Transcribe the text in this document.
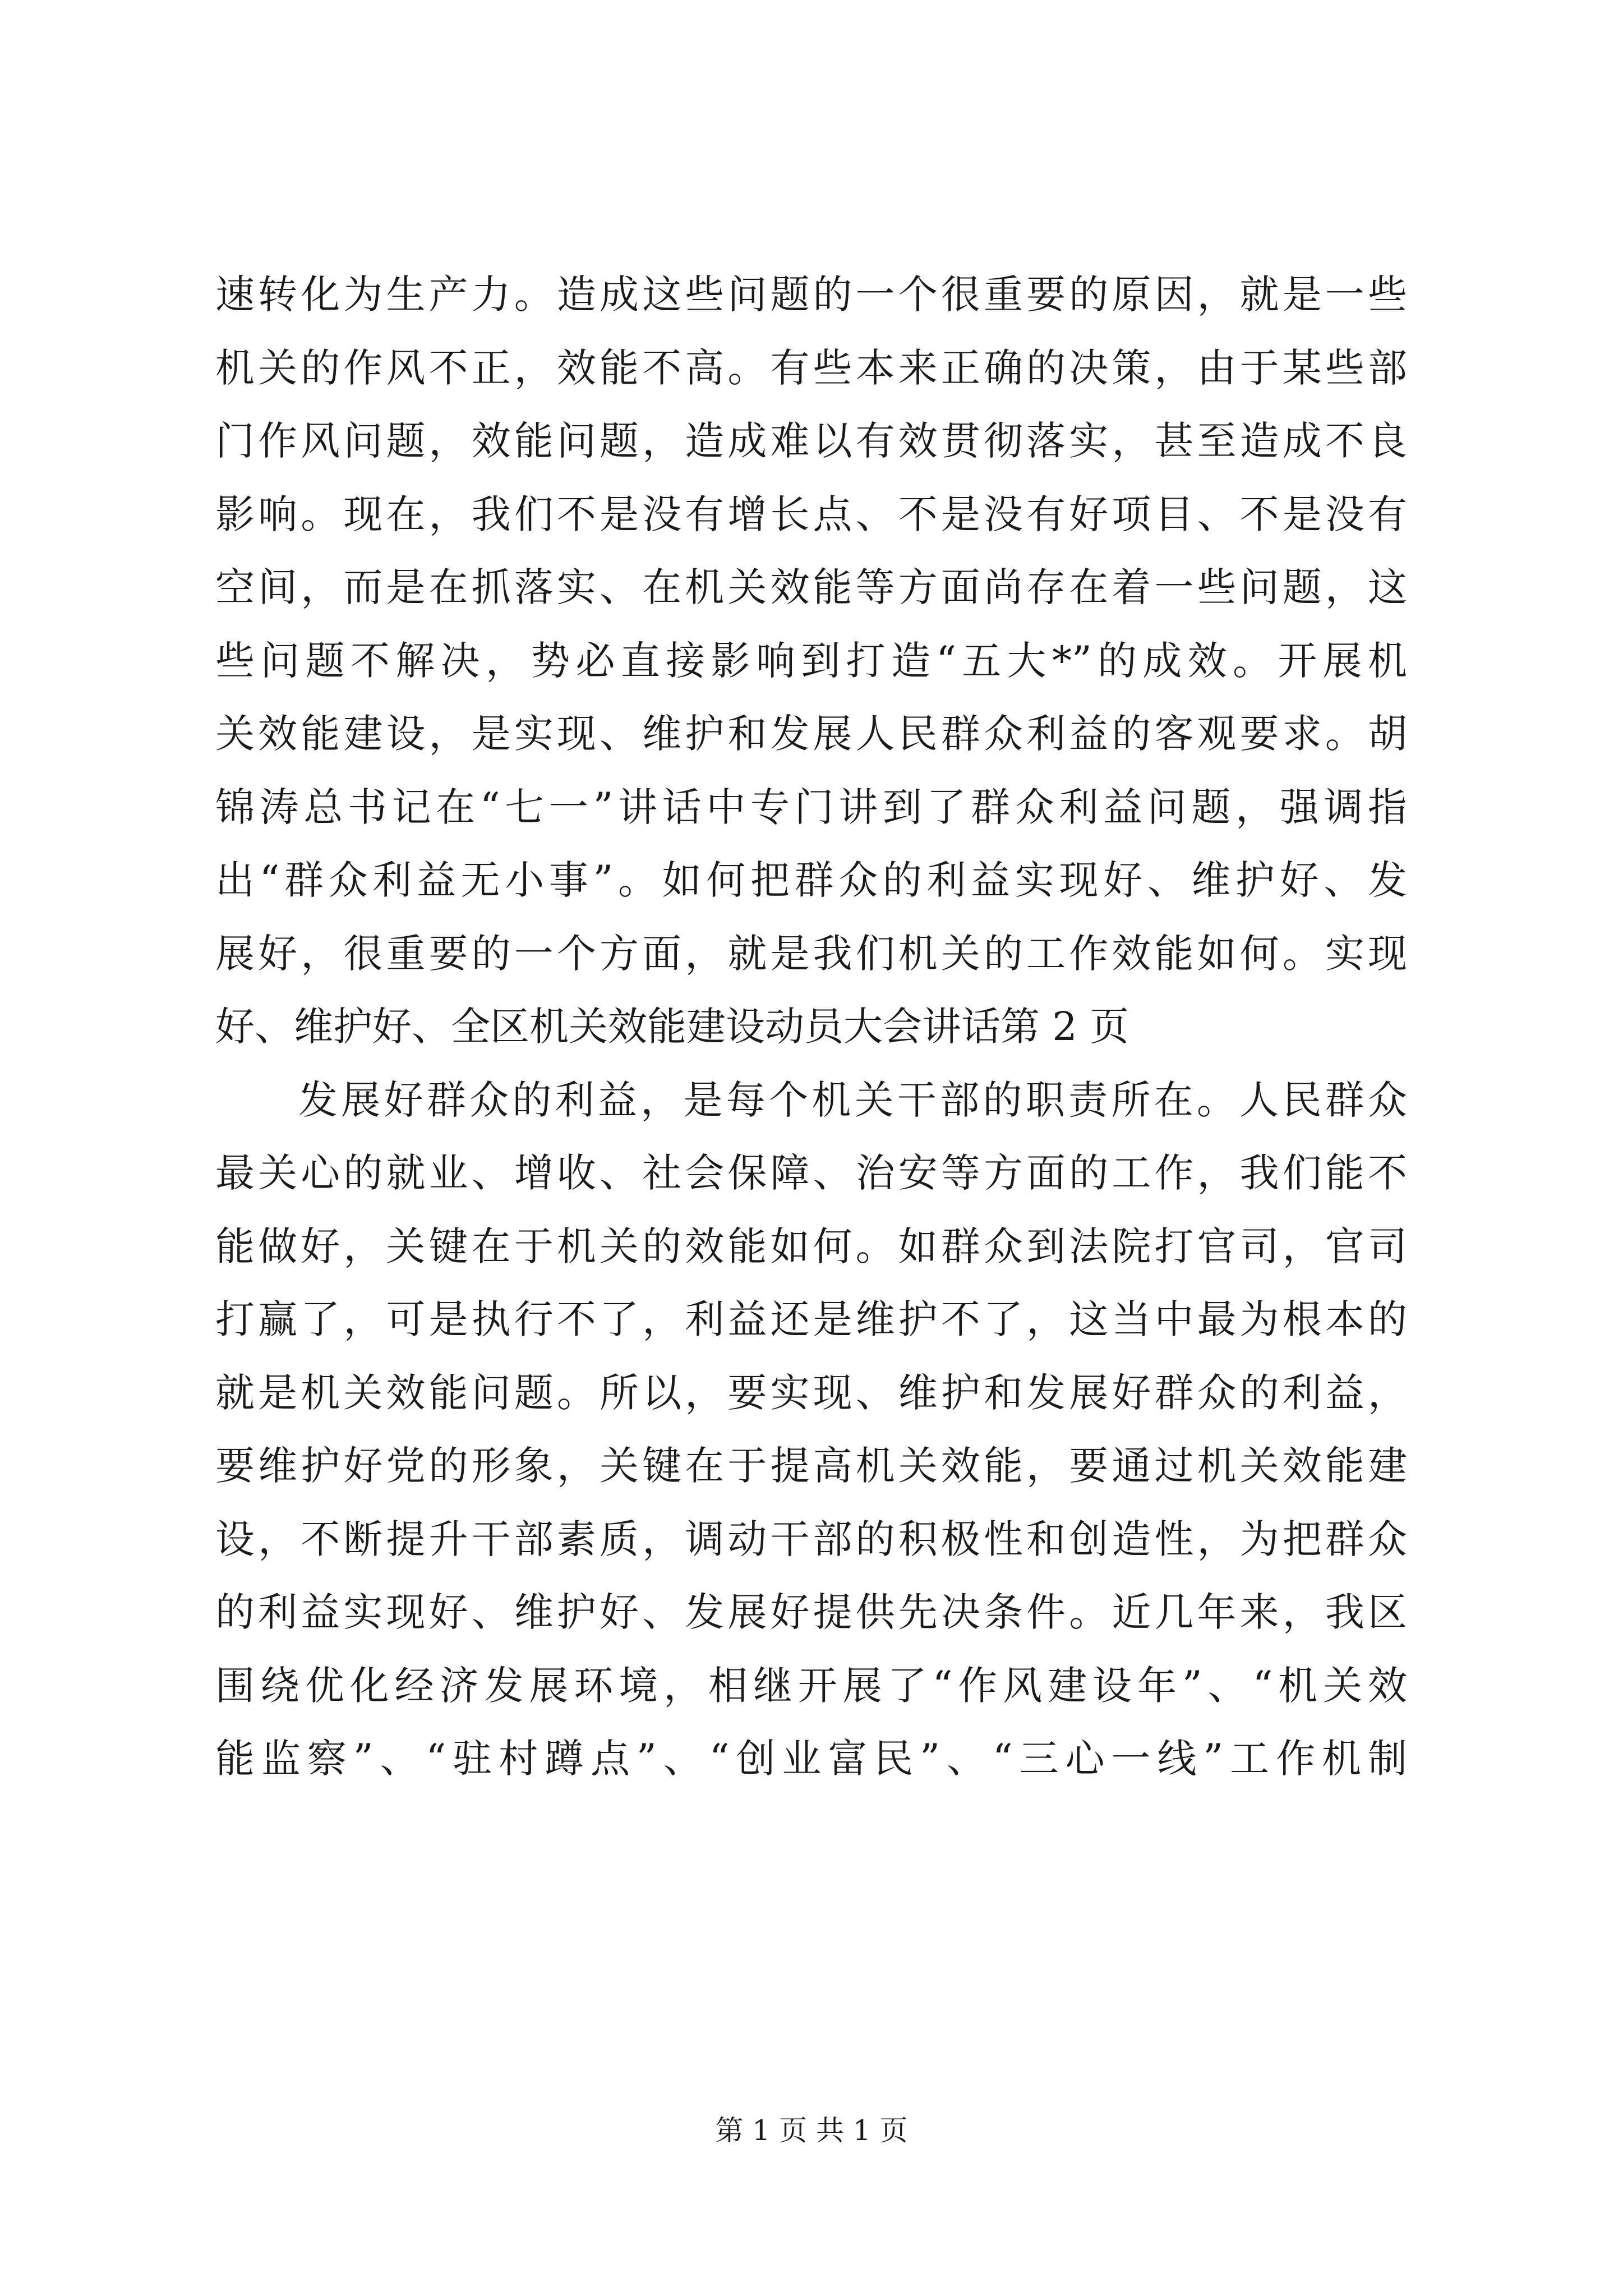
速转化为生产力。造成这些问题的一个很重要的原因，就是一些
机关的作风不正，效能不高。有些本来正确的决策，由于某些部
门作风问题，效能问题，造成难以有效贯彻落实，甚至造成不良
影响。现在，我们不是没有增长点、不是没有好项目、不是没有
空间，而是在抓落实、在机关效能等方面尚存在着一些问题，这
些问题不解决，势必直接影响到打造“五大*”的成效。开展机
关效能建设，是实现、维护和发展人民群众利益的客观要求。胡
锦涛总书记在“七一”讲话中专门讲到了群众利益问题，强调指
出“群众利益无小事”。如何把群众的利益实现好、维护好、发
展好，很重要的一个方面，就是我们机关的工作效能如何。实现
好、维护好、全区机关效能建设动员大会讲话第 2 页
发展好群众的利益，是每个机关干部的职责所在。人民群众
最关心的就业、增收、社会保障、治安等方面的工作，我们能不
能做好，关键在于机关的效能如何。如群众到法院打官司，官司
打赢了，可是执行不了，利益还是维护不了，这当中最为根本的
就是机关效能问题。所以，要实现、维护和发展好群众的利益，
要维护好党的形象，关键在于提高机关效能，要通过机关效能建
设，不断提升干部素质，调动干部的积极性和创造性，为把群众
的利益实现好、维护好、发展好提供先决条件。近几年来，我区
围绕优化经济发展环境，相继开展了“作风建设年”、“机关效
能监察”、“驻村蹲点”、“创业富民”、“三心一线”工作机制
第 1 页 共 1 页
